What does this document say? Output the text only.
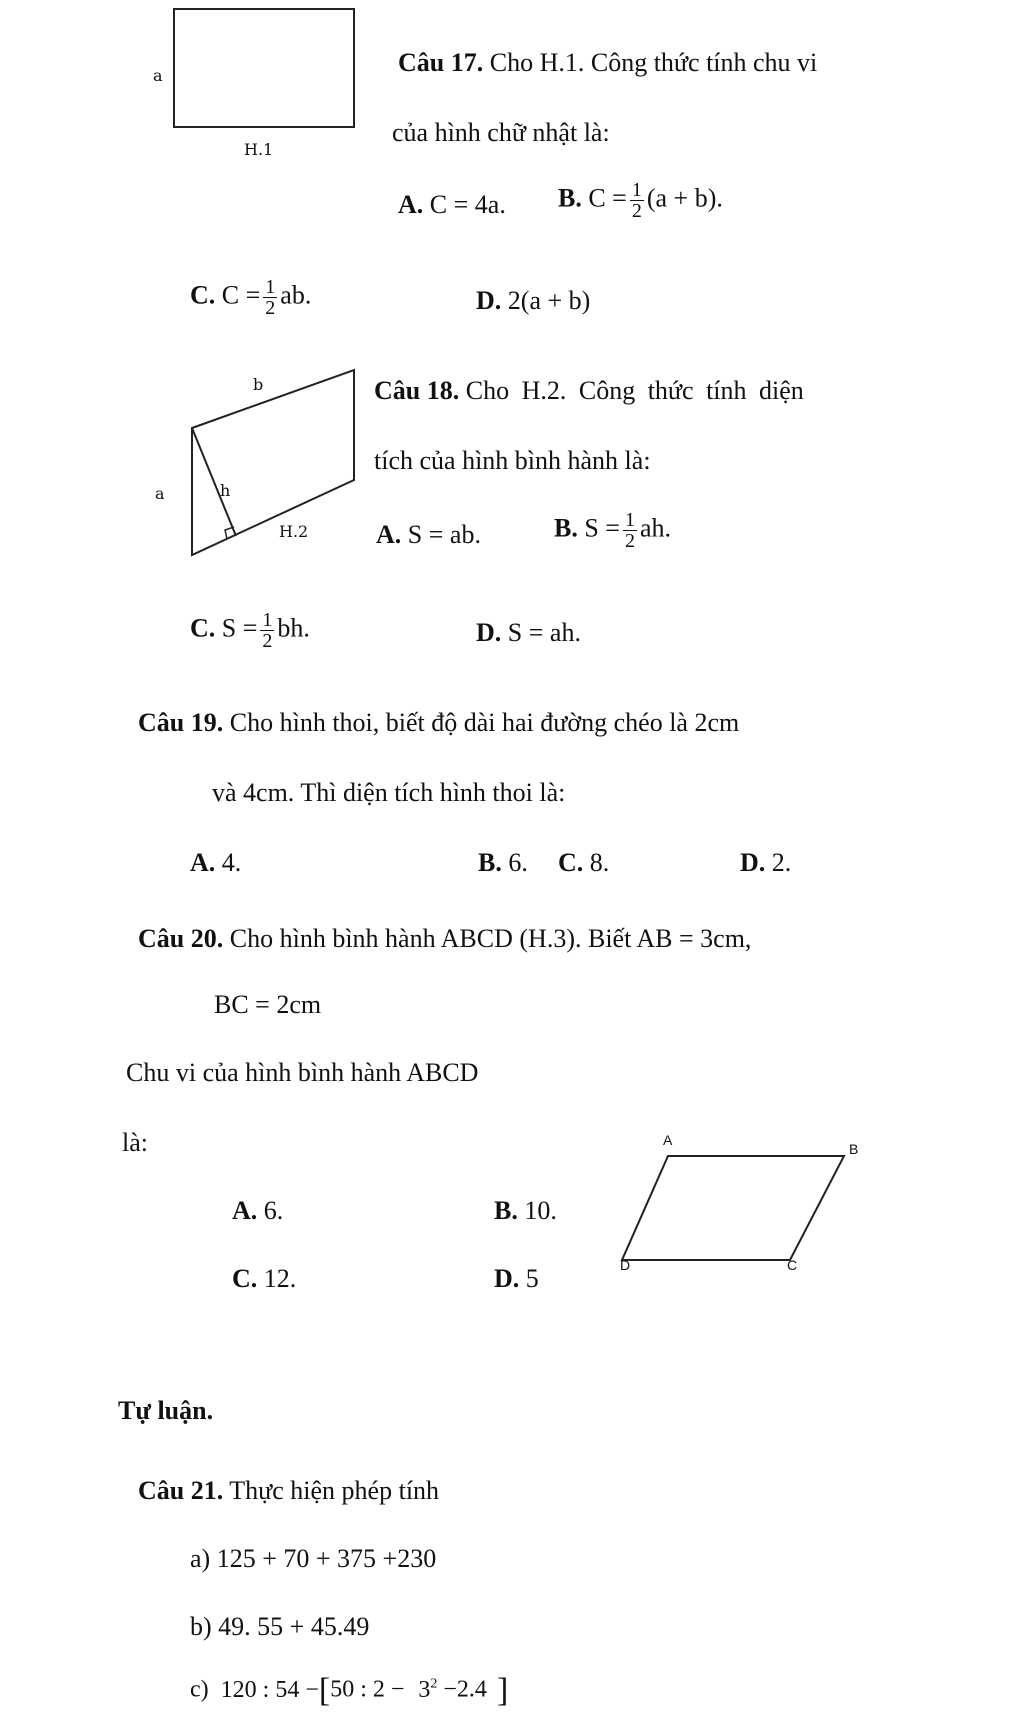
a
H.1
Câu 17. Cho H.1. Công thức tính chu vi
của hình chữ nhật là:
A. C = 4a. B. $C = \frac{1}{2} (a + b)$.
C. $C = \frac{1}{2}$ ab.	D. 2(a + b)
b
a	h
H.2
Câu 18. Cho H.2. Công thức tính diện
tích của hình bình hành là:
A. S = ab.	B. $S = \frac{1}{2}$ ah.
C. $S = \frac{1}{2}$ bh.	D. S = ah.
Câu 19. Cho hình thoi, biết độ dài hai đường chéo là 2cm
và 4cm. Thì diện tích hình thoi là:
A. 4.	B. 6. C. 8.	D. 2.
Câu 20. Cho hình bình hành ABCD (H.3). Biết AB = 3cm,
BC = 2cm
Chu vi của hình bình hành ABCD
là:
A. 6.	B. 10.
C. 12.	D. 5
A
B
C
D
Tự luận.
Câu 21. Thực hiện phép tính
a) 125 + 70 + 375 +230
b) 49. 55 + 45.49
c) 120 : 54 −[50 : $2 - 3^2 -2.4$ ]
